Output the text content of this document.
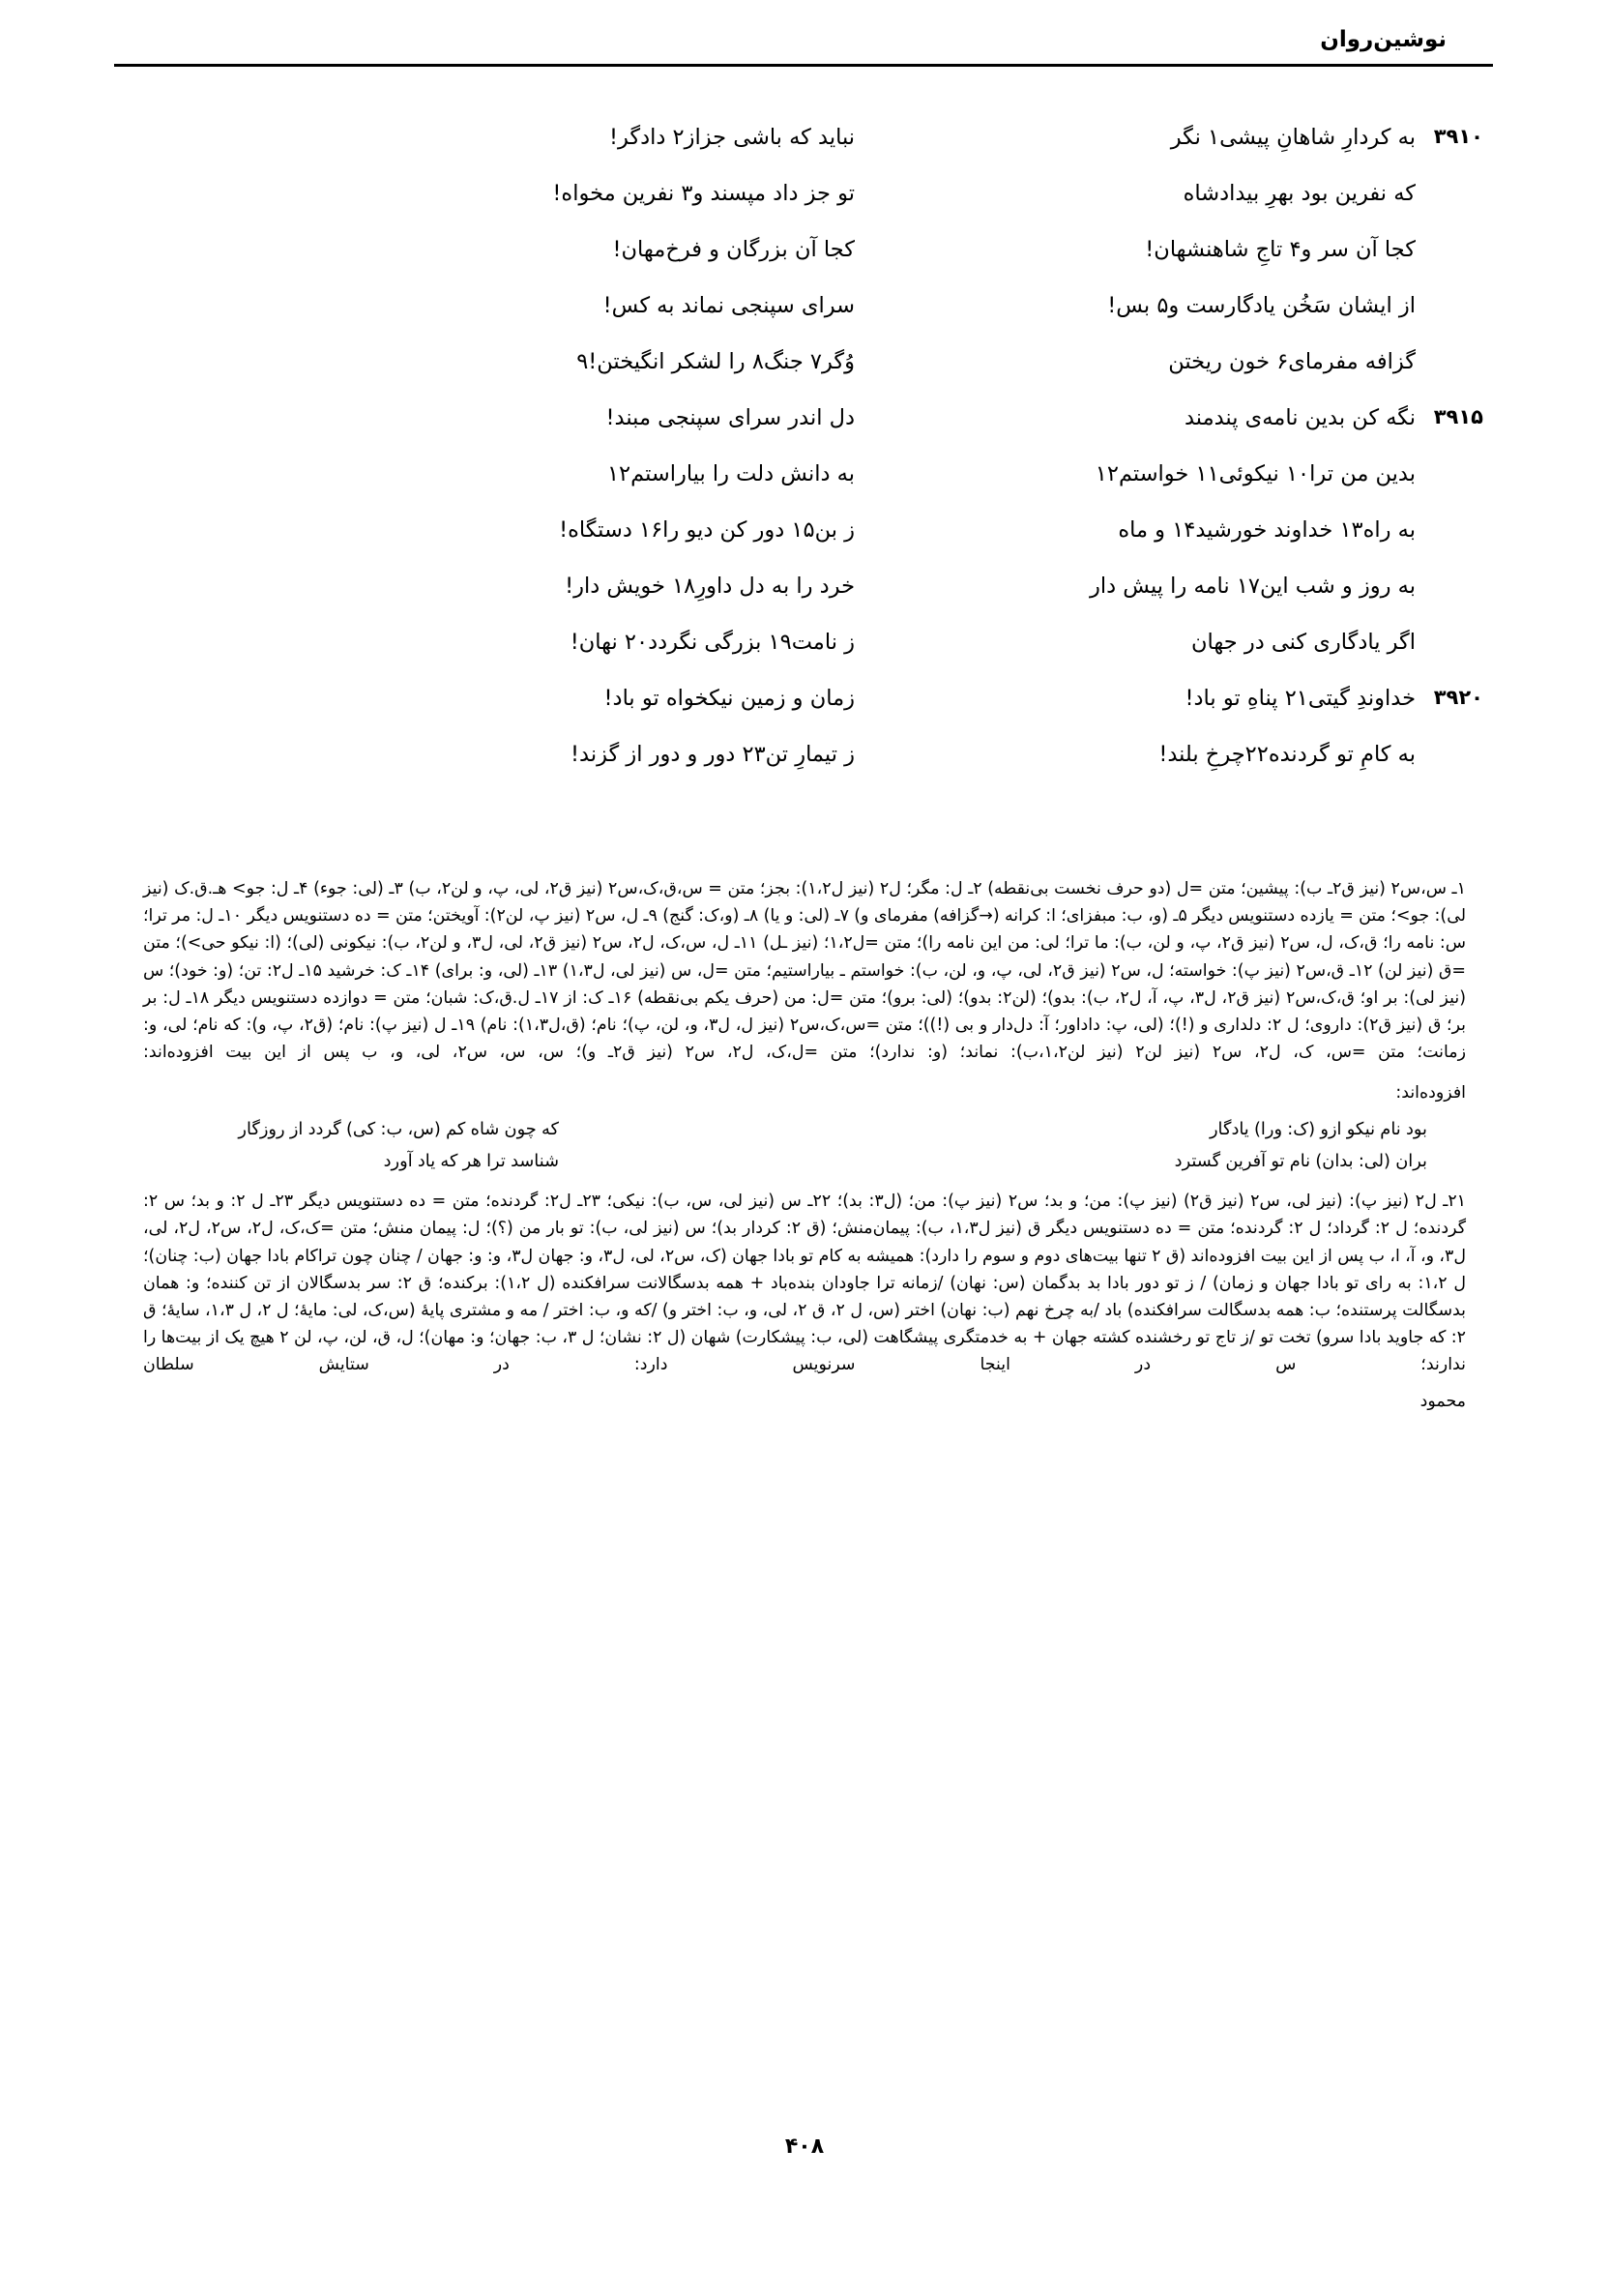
نوشین‌روان
۳۹۱۰
به کردارِ شاهانِ پیشی۱ نگر
نباید که باشی جزاز۲ دادگر!
که نفرین بود بهرِ بیدادشاه
تو جز داد مپسند و۳ نفرین مخواه!
کجا آن سر و۴ تاجِ شاهنشهان!
کجا آن بزرگان و فرخ‌مهان!
از ایشان سَخُن یادگارست و۵ بس!
سرای سپنجی نماند به کس!
گزافه مفرمای۶ خون ریختن
وُگر۷ جنگ۸ را لشکر انگیختن!۹
۳۹۱۵
نگه کن بدین نامه‌ی پندمند
دل اندر سرای سپنجی مبند!
بدین من ترا۱۰ نیکوئی۱۱ خواستم۱۲
به دانش دلت را بیاراستم۱۲
به راه۱۳ خداوند خورشید۱۴ و ماه
ز بن۱۵ دور کن دیو را۱۶ دستگاه!
به روز و شب این۱۷ نامه را پیش دار
خرد را به دل داورِ۱۸ خویش دار!
اگر یادگاری کنی در جهان
ز نامت۱۹ بزرگی نگردد۲۰ نهان!
۳۹۲۰
خداوندِ گیتی۲۱ پناهِ تو باد!
زمان و زمین نیکخواه تو باد!
به کامِ تو گردنده۲۲چرخِ بلند!
ز تیمارِ تن۲۳ دور و دور از گزند!

۱ـ س،س۲ (نیز ق۲ـ ب): پیشین؛ متن =ل (دو حرف نخست بی‌نقطه) ۲ـ ل: مگر؛ ل۲ (نیز ل۱،۲): بجز؛ متن = س،ق،ک،س۲ (نیز ق۲، لی، پ، و لن۲، ب) ۳ـ (لی: جوء) ۴ـ ل: جو> هـ.ق.ک (نیز لی): جو>؛ متن = یازده دستنویس دیگر ۵ـ (و، ب: مبفزای؛ ا: کرانه (→گزافه) مفرمای و) ۷ـ (لی: و یا) ۸ـ (و،ک: گنج) ۹ـ ل، س۲ (نیز پ، لن۲): آویختن؛ متن = ده دستنویس دیگر ۱۰ـ ل: مر ترا؛ س: نامه را؛ ق،ک، ل، س۲ (نیز ق۲، پ، و لن، ب): ما ترا؛ لی: من این نامه را)؛ متن =ل۱،۲؛ (نیز ـل) ۱۱ـ ل، س،ک، ل۲، س۲ (نیز ق۲، لی، ل۳، و لن۲، ب): نیکونی (لی)؛ (ا: نیکو حی>)؛ متن =ق (نیز لن) ۱۲ـ ق،س۲ (نیز پ): خواسته؛ ل، س۲ (نیز ق۲، لی، پ، و، لن، ب): خواستم ـ بیاراستیم؛ متن =ل، س (نیز لی، ل۱،۳) ۱۳ـ (لی، و: برای) ۱۴ـ ک: خرشید ۱۵ـ ل۲: تن؛ (و: خود)؛ س (نیز لی): بر او؛ ق،ک،س۲ (نیز ق۲، ل۳، پ، آ، ل۲، ب): بدو)؛ (لن۲: بدو)؛ (لی: برو)؛ متن =ل: من (حرف یکم بی‌نقطه) ۱۶ـ ک: از ۱۷ـ ل.ق،ک: شبان؛ متن = دوازده دستنویس دیگر ۱۸ـ ل: بر بر؛ ق (نیز ق۲): داروی؛ ل ۲: دلداری و (!)؛ (لی، پ: داداور؛ آ: دل‌دار و بی (!))؛ متن =س،ک،س۲ (نیز ل، ل۳، و، لن، پ)؛ نام؛ (ق،ل۱،۳): نام) ۱۹ـ ل (نیز پ): نام؛ (ق۲، پ، و): که نام؛ لی، و: زمانت؛ متن =س، ک، ل۲، س۲ (نیز لن۲ (نیز لن۱،۲،ب): نماند؛ (و: ندارد)؛ متن =ل،ک، ل۲، س۲ (نیز ق۲ـ و)؛ س، س، س۲، لی، و، ب پس از این بیت افزوده‌اند:

افزوده‌اند:
بود نام نیکو ازو (ک: ورا) یادگار
که چون شاه کم (س، ب: کی) گردد از روزگار
بران (لی: بدان) نام تو آفرین گسترد
شناسد ترا هر که یاد آورد

۲۱ـ ل۲ (نیز پ): (نیز لی، س۲ (نیز ق۲) (نیز پ): من؛ و بد؛ س۲ (نیز پ): من؛ (ل۳: بد)؛ ۲۲ـ س (نیز لی، س، ب): نیکی؛ ۲۳ـ ل۲: گردنده؛ متن = ده دستنویس دیگر ۲۳ـ ل ۲: و بد؛ س ۲: گردنده؛ ل ۲: گرداد؛ ل ۲: گردنده؛ متن = ده دستنویس دیگر ق (نیز ل۱،۳، ب): پیمان‌منش؛ (ق ۲: کردار بد)؛ س (نیز لی، ب): تو بار من (؟)؛ ل: پیمان منش؛ متن =ک،ک، ل۲، س۲، ل۲، لی، ل۳، و، آ، ا، ب پس از این بیت افزوده‌اند (ق ۲ تنها بیت‌های دوم و سوم را دارد): همیشه به کام تو بادا جهان (ک، س۲، لی، ل۳، و: جهان ل۳، و: و: جهان / چنان چون تراکام بادا جهان (ب: چنان)؛ ل ۱،۲: به رای تو بادا جهان و زمان) / ز تو دور بادا بد بدگمان (س: نهان) /زمانه ترا جاودان بنده‌باد + همه بدسگالانت سرافکنده (ل ۱،۲): برکنده؛ ق ۲: سر بدسگالان از تن کننده؛ و: همان بدسگالت پرستنده؛ ب: همه بدسگالت سرافکنده) باد /به چرخ نهم (ب: نهان) اختر (س، ل ۲، ق ۲، لی، و، ب: اختر و) /که و، ب: اختر / مه و مشتری پایهٔ (س،ک، لی: مایهٔ؛ ل ۲، ل ۱،۳، سایهٔ؛ ق ۲: که جاوید بادا سرو) تخت تو /ز تاج تو رخشنده کشته جهان + به خدمتگری پیشگاهت (لی، ب: پیشکارت) شهان (ل ۲: نشان؛ ل ۳، ب: جهان؛ و: مهان)؛ ل، ق، لن، پ، لن ۲ هیچ یک از بیت‌ها را ندارند؛ س در اینجا سرنویس دارد: در ستایش سلطان

محمود
۴۰۸
